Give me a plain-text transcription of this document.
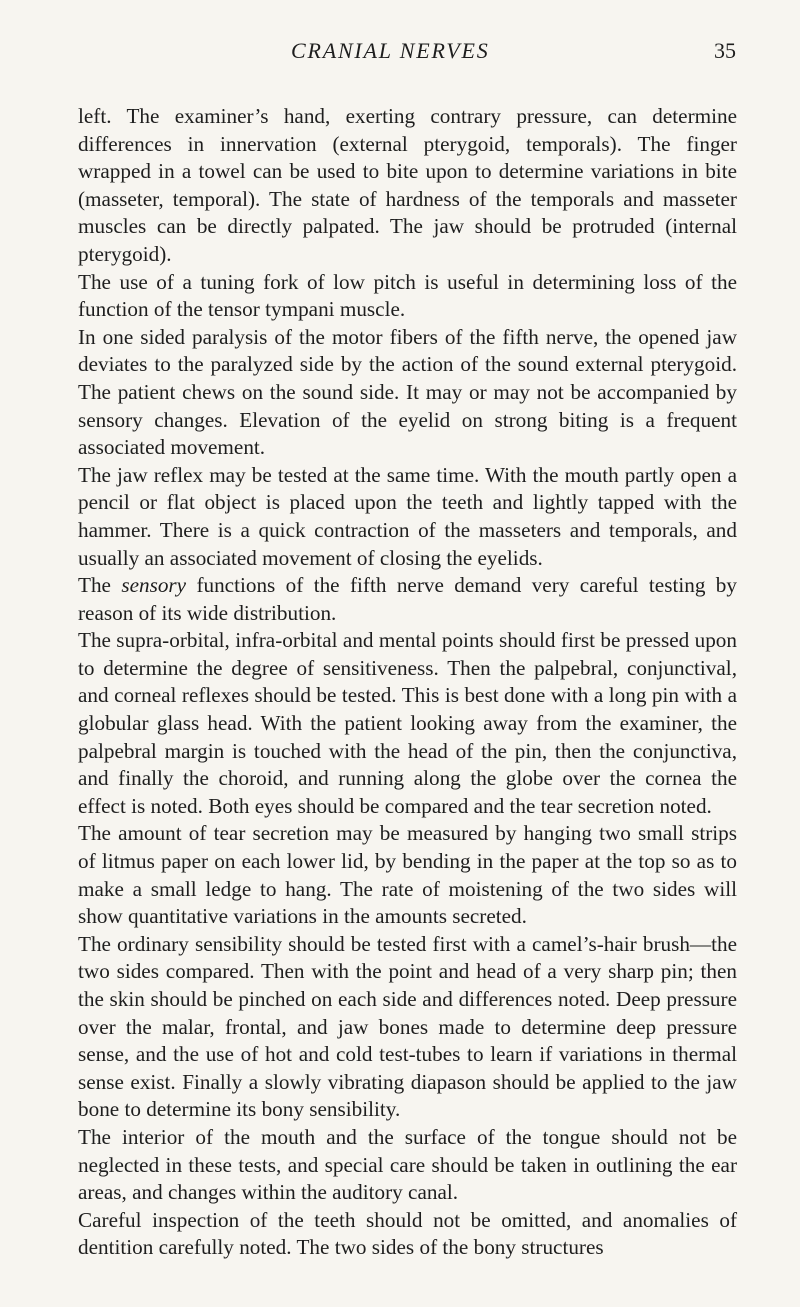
CRANIAL NERVES	35

left. The examiner’s hand, exerting contrary pressure, can determine differences in innervation (external pterygoid, temporals). The finger wrapped in a towel can be used to bite upon to determine variations in bite (masseter, temporal). The state of hardness of the temporals and masseter muscles can be directly palpated. The jaw should be protruded (internal pterygoid).

The use of a tuning fork of low pitch is useful in determining loss of the function of the tensor tympani muscle.

In one sided paralysis of the motor fibers of the fifth nerve, the opened jaw deviates to the paralyzed side by the action of the sound external pterygoid. The patient chews on the sound side. It may or may not be accompanied by sensory changes. Elevation of the eyelid on strong biting is a frequent associated movement.

The jaw reflex may be tested at the same time. With the mouth partly open a pencil or flat object is placed upon the teeth and lightly tapped with the hammer. There is a quick contraction of the masseters and temporals, and usually an associated movement of closing the eyelids.

The sensory functions of the fifth nerve demand very careful testing by reason of its wide distribution.

The supra-orbital, infra-orbital and mental points should first be pressed upon to determine the degree of sensitiveness. Then the palpebral, conjunctival, and corneal reflexes should be tested. This is best done with a long pin with a globular glass head. With the patient looking away from the examiner, the palpebral margin is touched with the head of the pin, then the conjunctiva, and finally the choroid, and running along the globe over the cornea the effect is noted. Both eyes should be compared and the tear secretion noted.

The amount of tear secretion may be measured by hanging two small strips of litmus paper on each lower lid, by bending in the paper at the top so as to make a small ledge to hang. The rate of moistening of the two sides will show quantitative variations in the amounts secreted.

The ordinary sensibility should be tested first with a camel’s-hair brush—the two sides compared. Then with the point and head of a very sharp pin; then the skin should be pinched on each side and differences noted. Deep pressure over the malar, frontal, and jaw bones made to determine deep pressure sense, and the use of hot and cold test-tubes to learn if variations in thermal sense exist. Finally a slowly vibrating diapason should be applied to the jaw bone to determine its bony sensibility.

The interior of the mouth and the surface of the tongue should not be neglected in these tests, and special care should be taken in outlining the ear areas, and changes within the auditory canal.

Careful inspection of the teeth should not be omitted, and anomalies of dentition carefully noted. The two sides of the bony structures
